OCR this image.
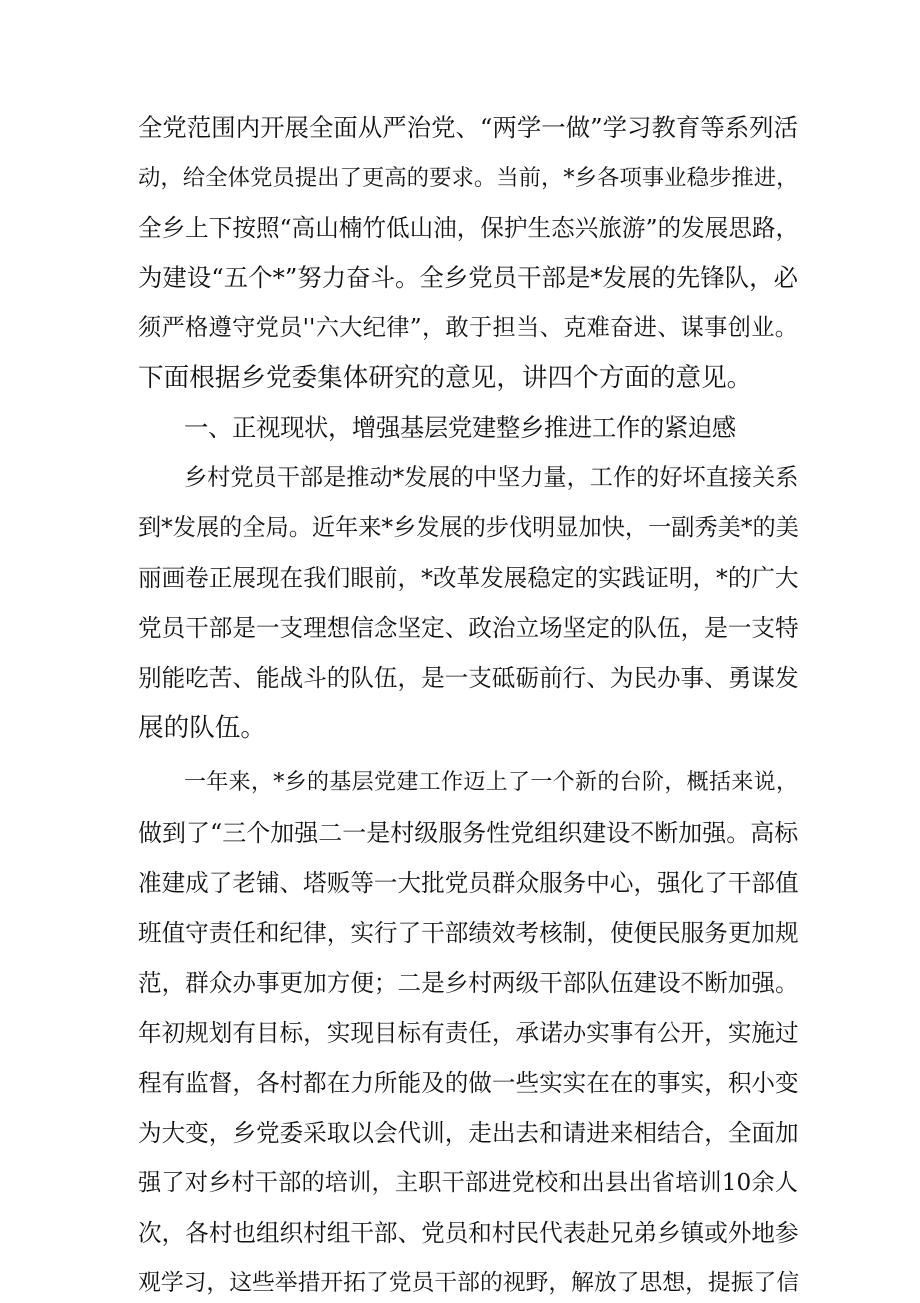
全党范围内开展全面从严治党、“两学一做”学习教育等系列活
动，给全体党员提出了更高的要求。当前，*乡各项事业稳步推进，
全乡上下按照“高山楠竹低山油，保护生态兴旅游”的发展思路，
为建设“五个*”努力奋斗。全乡党员干部是*发展的先锋队，必
须严格遵守党员''六大纪律”，敢于担当、克难奋进、谋事创业。
下面根据乡党委集体研究的意见，讲四个方面的意见。
一、正视现状，增强基层党建整乡推进工作的紧迫感
乡村党员干部是推动*发展的中坚力量，工作的好坏直接关系
到*发展的全局。近年来*乡发展的步伐明显加快，一副秀美*的美
丽画卷正展现在我们眼前，*改革发展稳定的实践证明，*的广大
党员干部是一支理想信念坚定、政治立场坚定的队伍，是一支特
别能吃苦、能战斗的队伍，是一支砥砺前行、为民办事、勇谋发
展的队伍。
一年来，*乡的基层党建工作迈上了一个新的台阶，概括来说，
做到了“三个加强二一是村级服务性党组织建设不断加强。高标
准建成了老铺、塔贩等一大批党员群众服务中心，强化了干部值
班值守责任和纪律，实行了干部绩效考核制，使便民服务更加规
范，群众办事更加方便；二是乡村两级干部队伍建设不断加强。
年初规划有目标，实现目标有责任，承诺办实事有公开，实施过
程有监督，各村都在力所能及的做一些实实在在的事实，积小变
为大变，乡党委采取以会代训，走出去和请进来相结合，全面加
强了对乡村干部的培训，主职干部进党校和出县出省培训10余人
次，各村也组织村组干部、党员和村民代表赴兄弟乡镇或外地参
观学习，这些举措开拓了党员干部的视野，解放了思想，提振了信
